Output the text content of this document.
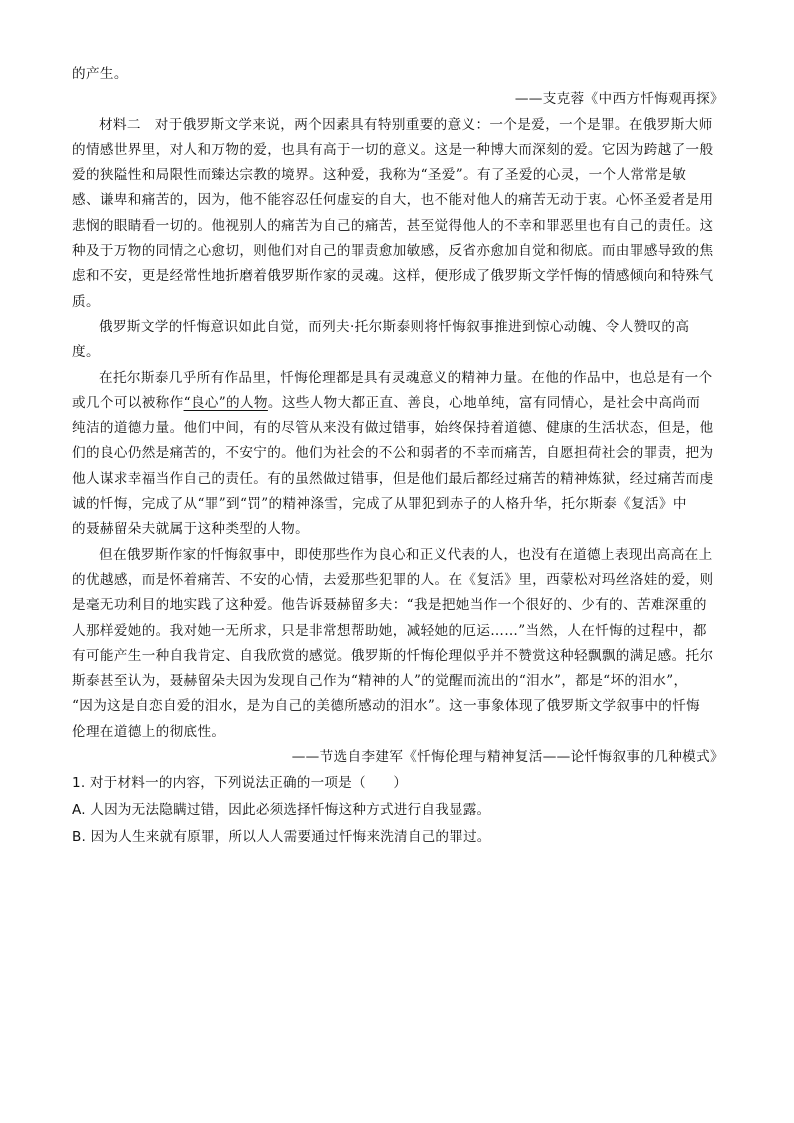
的产生。
——支克蓉《中西方忏悔观再探》
材料二　对于俄罗斯文学来说，两个因素具有特别重要的意义：一个是爱，一个是罪。在俄罗斯大师
的情感世界里，对人和万物的爱，也具有高于一切的意义。这是一种博大而深刻的爱。它因为跨越了一般
爱的狭隘性和局限性而臻达宗教的境界。这种爱，我称为“圣爱”。有了圣爱的心灵，一个人常常是敏
感、谦卑和痛苦的，因为，他不能容忍任何虚妄的自大，也不能对他人的痛苦无动于衷。心怀圣爱者是用
悲悯的眼睛看一切的。他视别人的痛苦为自己的痛苦，甚至觉得他人的不幸和罪恶里也有自己的责任。这
种及于万物的同情之心愈切，则他们对自己的罪责愈加敏感，反省亦愈加自觉和彻底。而由罪感导致的焦
虑和不安，更是经常性地折磨着俄罗斯作家的灵魂。这样，便形成了俄罗斯文学忏悔的情感倾向和特殊气
质。
俄罗斯文学的忏悔意识如此自觉，而列夫·托尔斯泰则将忏悔叙事推进到惊心动魄、令人赞叹的高
度。
在托尔斯泰几乎所有作品里，忏悔伦理都是具有灵魂意义的精神力量。在他的作品中，也总是有一个
或几个可以被称作“良心”的人物。这些人物大都正直、善良，心地单纯，富有同情心，是社会中高尚而
纯洁的道德力量。他们中间，有的尽管从来没有做过错事，始终保持着道德、健康的生活状态，但是，他
们的良心仍然是痛苦的，不安宁的。他们为社会的不公和弱者的不幸而痛苦，自愿担荷社会的罪责，把为
他人谋求幸福当作自己的责任。有的虽然做过错事，但是他们最后都经过痛苦的精神炼狱，经过痛苦而虔
诚的忏悔，完成了从“罪”到“罚”的精神涤雪，完成了从罪犯到赤子的人格升华，托尔斯泰《复活》中
的聂赫留朵夫就属于这种类型的人物。
但在俄罗斯作家的忏悔叙事中，即使那些作为良心和正义代表的人，也没有在道德上表现出高高在上
的优越感，而是怀着痛苦、不安的心情，去爱那些犯罪的人。在《复活》里，西蒙松对玛丝洛娃的爱，则
是毫无功利目的地实践了这种爱。他告诉聂赫留多夫：“我是把她当作一个很好的、少有的、苦难深重的
人那样爱她的。我对她一无所求，只是非常想帮助她，减轻她的厄运……”当然，人在忏悔的过程中，都
有可能产生一种自我肯定、自我欣赏的感觉。俄罗斯的忏悔伦理似乎并不赞赏这种轻飘飘的满足感。托尔
斯泰甚至认为，聂赫留朵夫因为发现自己作为“精神的人”的觉醒而流出的“泪水”，都是“坏的泪水”，
“因为这是自恋自爱的泪水，是为自己的美德所感动的泪水”。这一事象体现了俄罗斯文学叙事中的忏悔
伦理在道德上的彻底性。
——节选自李建军《忏悔伦理与精神复活——论忏悔叙事的几种模式》
1. 对于材料一的内容，下列说法正确的一项是（　　）
A. 人因为无法隐瞒过错，因此必须选择忏悔这种方式进行自我显露。
B. 因为人生来就有原罪，所以人人需要通过忏悔来洗清自己的罪过。
